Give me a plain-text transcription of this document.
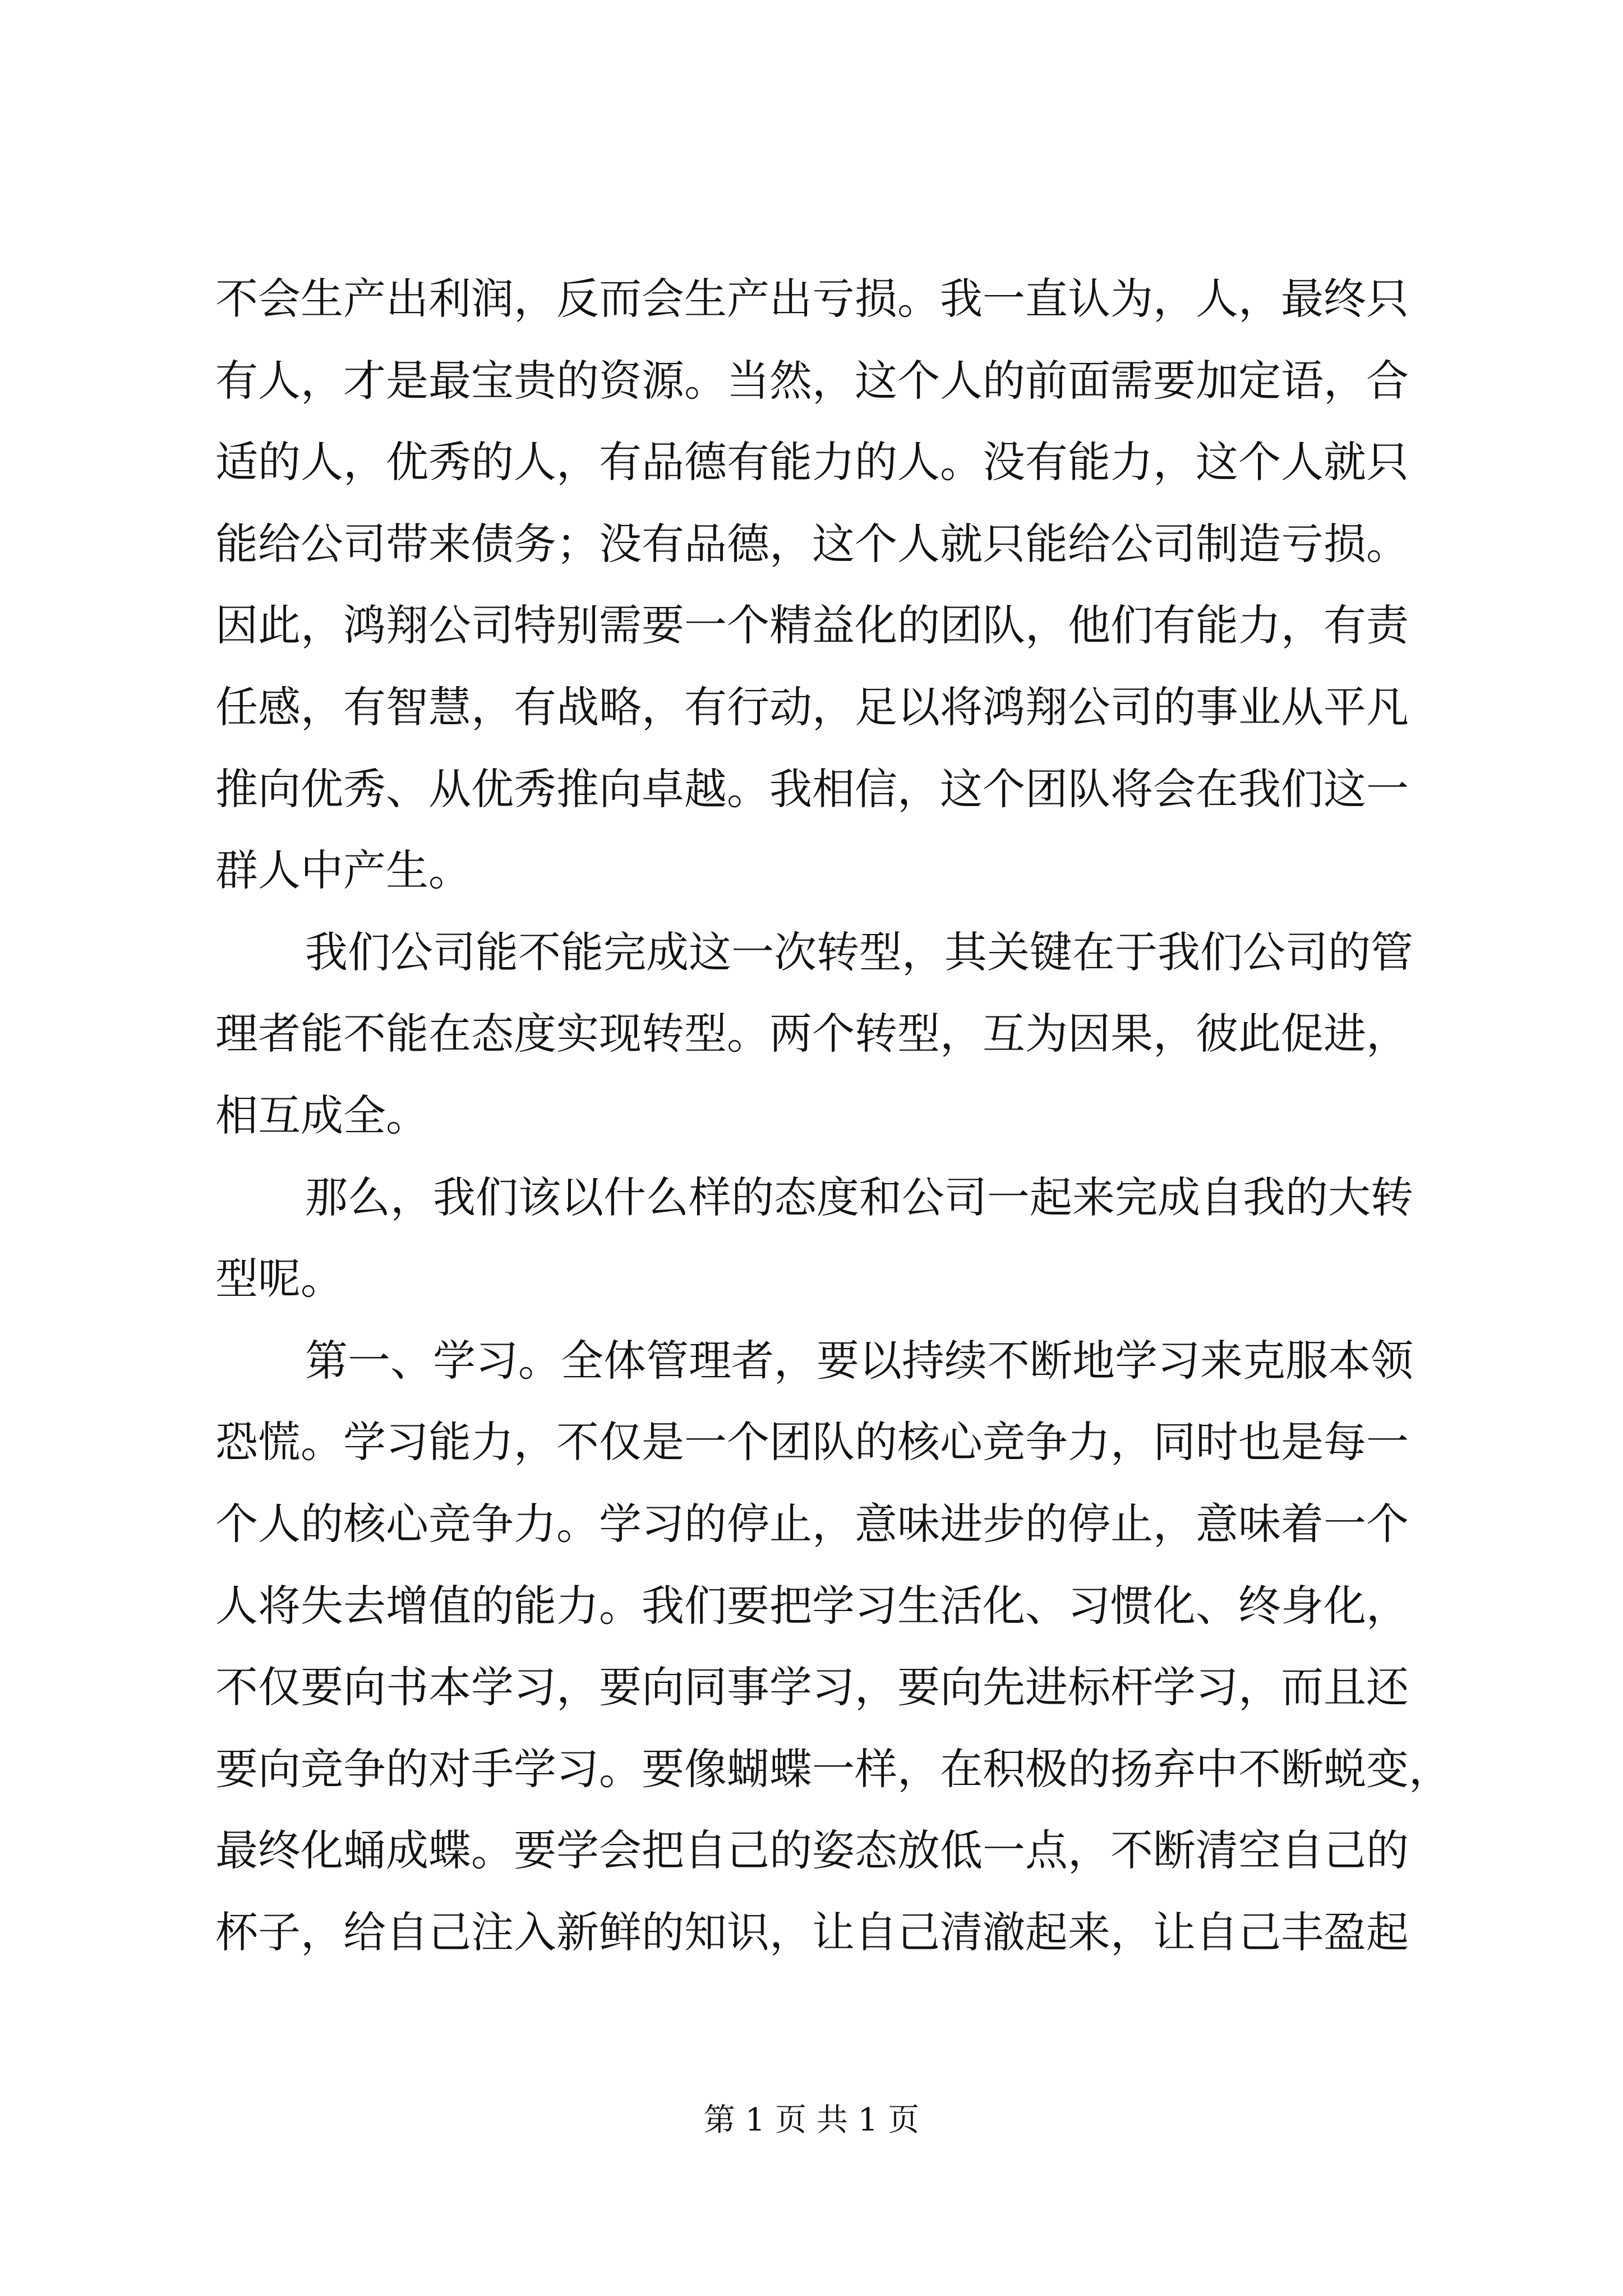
不会生产出利润，反而会生产出亏损。我一直认为，人，最终只
有人，才是最宝贵的资源。当然，这个人的前面需要加定语，合
适的人，优秀的人，有品德有能力的人。没有能力，这个人就只
能给公司带来债务；没有品德，这个人就只能给公司制造亏损。
因此，鸿翔公司特别需要一个精益化的团队，他们有能力，有责
任感，有智慧，有战略，有行动，足以将鸿翔公司的事业从平凡
推向优秀、从优秀推向卓越。我相信，这个团队将会在我们这一
群人中产生。
我们公司能不能完成这一次转型，其关键在于我们公司的管
理者能不能在态度实现转型。两个转型，互为因果，彼此促进，
相互成全。
那么，我们该以什么样的态度和公司一起来完成自我的大转
型呢。
第一、学习。全体管理者，要以持续不断地学习来克服本领
恐慌。学习能力，不仅是一个团队的核心竞争力，同时也是每一
个人的核心竞争力。学习的停止，意味进步的停止，意味着一个
人将失去增值的能力。我们要把学习生活化、习惯化、终身化，
不仅要向书本学习，要向同事学习，要向先进标杆学习，而且还
要向竞争的对手学习。要像蝴蝶一样，在积极的扬弃中不断蜕变，
最终化蛹成蝶。要学会把自己的姿态放低一点，不断清空自己的
杯子，给自己注入新鲜的知识，让自己清澈起来，让自己丰盈起
第 1 页 共 1 页
